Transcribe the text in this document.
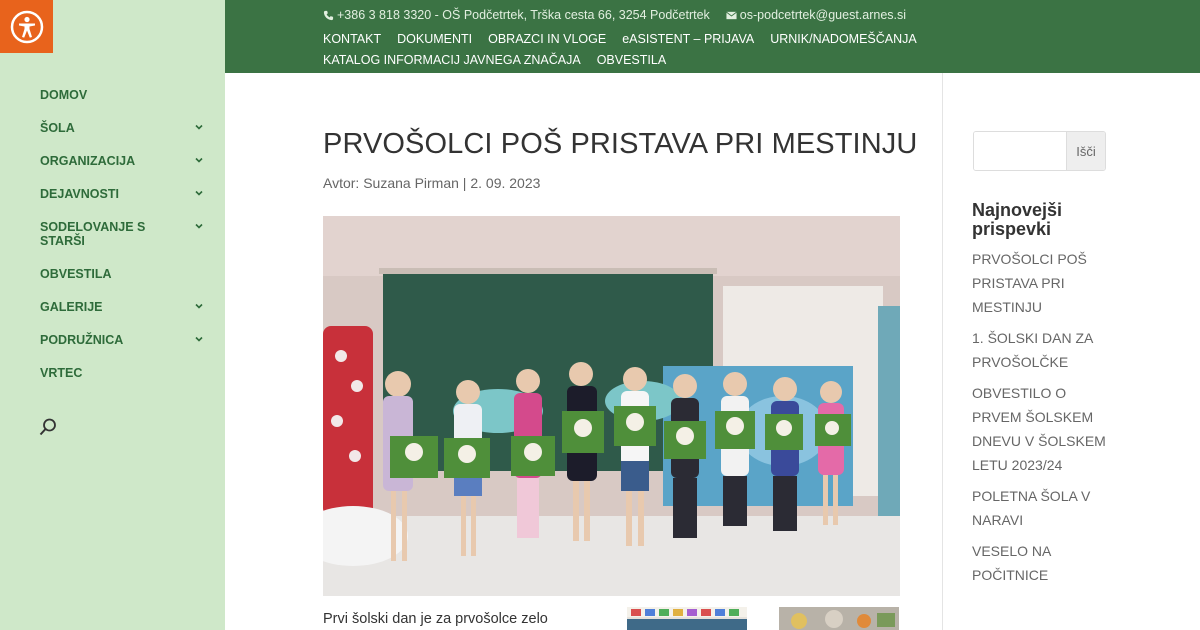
DOMOV
ŠOLA
ORGANIZACIJA
DEJAVNOSTI
SODELOVANJE S STARŠI
OBVESTILA
GALERIJE
PODRUŽNICA
VRTEC
+386 3 818 3320 - OŠ Podčetrtek, Trška cesta 66, 3254 Podčetrtek os-podcetrtek@guest.arnes.si
KONTAKT DOKUMENTI OBRAZCI IN VLOGE eASISTENT – PRIJAVA URNIK/NADOMEŠČANJA
KATALOG INFORMACIJ JAVNEGA ZNAČAJA OBVESTILA
PRVOŠOLCI POŠ PRISTAVA PRI MESTINJU
Avtor: Suzana Pirman | 2. 09. 2023

Prvi šolski dan je za prvošolce zelo

Išči
Najnovejši prispevki
PRVOŠOLCI POŠ PRISTAVA PRI MESTINJU
1. ŠOLSKI DAN ZA PRVOŠOLČKE
OBVESTILO O PRVEM ŠOLSKEM DNEVU V ŠOLSKEM LETU 2023/24
POLETNA ŠOLA V NARAVI
VESELO NA POČITNICE
